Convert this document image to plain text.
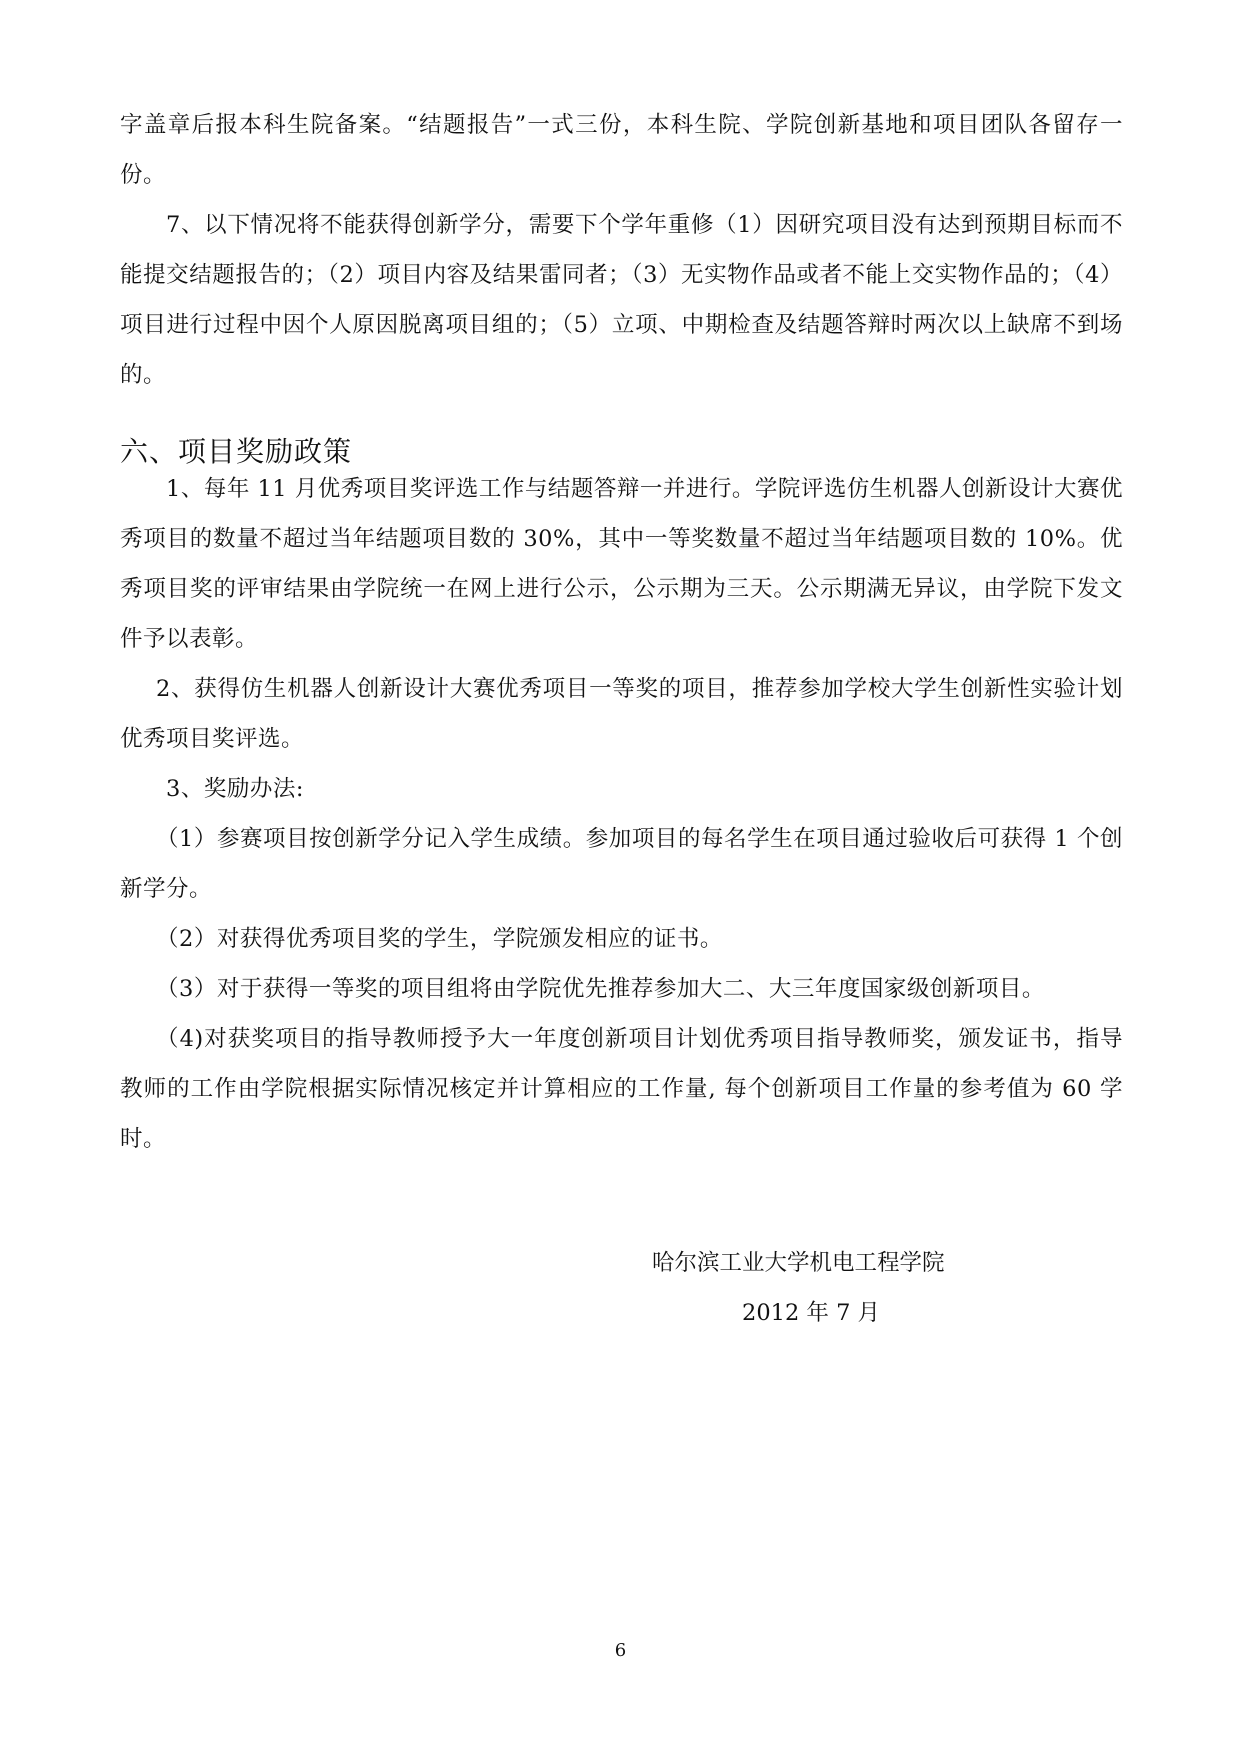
字盖章后报本科生院备案。“结题报告”一式三份，本科生院、学院创新基地和项目团队各留存一份。

7、以下情况将不能获得创新学分，需要下个学年重修（1）因研究项目没有达到预期目标而不能提交结题报告的；（2）项目内容及结果雷同者；（3）无实物作品或者不能上交实物作品的；（4）项目进行过程中因个人原因脱离项目组的；（5）立项、中期检查及结题答辩时两次以上缺席不到场的。

六、项目奖励政策

1、每年 11 月优秀项目奖评选工作与结题答辩一并进行。学院评选仿生机器人创新设计大赛优秀项目的数量不超过当年结题项目数的 30%，其中一等奖数量不超过当年结题项目数的 10%。优秀项目奖的评审结果由学院统一在网上进行公示，公示期为三天。公示期满无异议，由学院下发文件予以表彰。

2、获得仿生机器人创新设计大赛优秀项目一等奖的项目，推荐参加学校大学生创新性实验计划优秀项目奖评选。

3、奖励办法:

（1）参赛项目按创新学分记入学生成绩。参加项目的每名学生在项目通过验收后可获得 1 个创新学分。

（2）对获得优秀项目奖的学生，学院颁发相应的证书。

（3）对于获得一等奖的项目组将由学院优先推荐参加大二、大三年度国家级创新项目。

（4)对获奖项目的指导教师授予大一年度创新项目计划优秀项目指导教师奖，颁发证书，指导教师的工作由学院根据实际情况核定并计算相应的工作量, 每个创新项目工作量的参考值为 60 学时。

哈尔滨工业大学机电工程学院
2012 年 7 月
6
